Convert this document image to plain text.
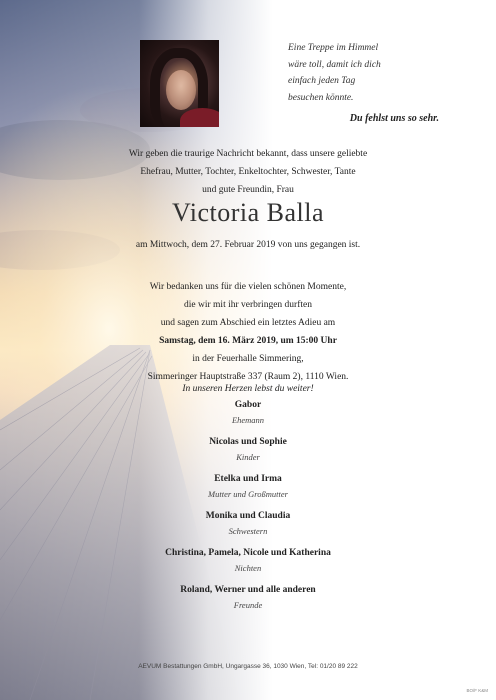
Eine Treppe im Himmel
wäre toll, damit ich dich
einfach jeden Tag
besuchen könnte.
Du fehlst uns so sehr.
Wir geben die traurige Nachricht bekannt, dass unsere geliebte
Ehefrau, Mutter, Tochter, Enkeltochter, Schwester, Tante
und gute Freundin, Frau
Victoria Balla
am Mittwoch, dem 27. Februar 2019 von uns gegangen ist.
Wir bedanken uns für die vielen schönen Momente,
die wir mit ihr verbringen durften
und sagen zum Abschied ein letztes Adieu am
Samstag, dem 16. März 2019, um 15:00 Uhr
in der Feuerhalle Simmering,
Simmeringer Hauptstraße 337 (Raum 2), 1110 Wien.
In unseren Herzen lebst du weiter!
Gabor
Ehemann
Nicolas und Sophie
Kinder
Etelka und Irma
Mutter und Großmutter
Monika und Claudia
Schwestern
Christina, Pamela, Nicole und Katherina
Nichten
Roland, Werner und alle anderen
Freunde
AEVUM Bestattungen GmbH, Ungargasse 36, 1030 Wien, Tel: 01/20 89 222
BO/F K&M
